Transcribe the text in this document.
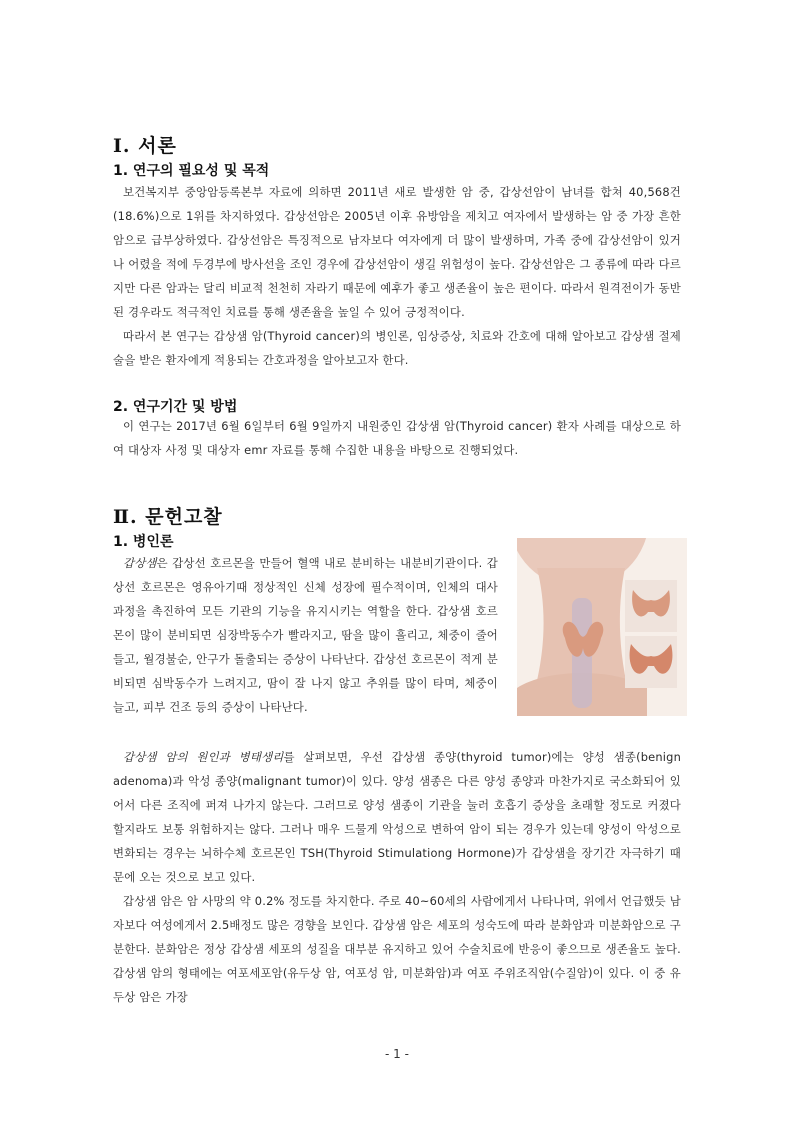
Ⅰ. 서론
1. 연구의 필요성 및 목적
보건복지부 중앙암등록본부 자료에 의하면 2011년 새로 발생한 암 중, 갑상선암이 남녀를 합쳐 40,568건(18.6%)으로 1위를 차지하였다. 갑상선암은 2005년 이후 유방암을 제치고 여자에서 발생하는 암 중 가장 흔한 암으로 급부상하였다. 갑상선암은 특징적으로 남자보다 여자에게 더 많이 발생하며, 가족 중에 갑상선암이 있거나 어렸을 적에 두경부에 방사선을 조인 경우에 갑상선암이 생길 위험성이 높다. 갑상선암은 그 종류에 따라 다르지만 다른 암과는 달리 비교적 천천히 자라기 때문에 예후가 좋고 생존율이 높은 편이다. 따라서 원격전이가 동반된 경우라도 적극적인 치료를 통해 생존율을 높일 수 있어 긍정적이다.
따라서 본 연구는 갑상샘 암(Thyroid cancer)의 병인론, 임상증상, 치료와 간호에 대해 알아보고 갑상샘 절제술을 받은 환자에게 적용되는 간호과정을 알아보고자 한다.
2. 연구기간 및 방법
이 연구는 2017년 6월 6일부터 6월 9일까지 내원중인 갑상샘 암(Thyroid cancer) 환자 사례를 대상으로 하여 대상자 사정 및 대상자 emr 자료를 통해 수집한 내용을 바탕으로 진행되었다.
Ⅱ. 문헌고찰
1. 병인론
갑상샘은 갑상선 호르몬을 만들어 혈액 내로 분비하는 내분비기관이다. 갑상선 호르몬은 영유아기때 정상적인 신체 성장에 필수적이며, 인체의 대사 과정을 촉진하여 모든 기관의 기능을 유지시키는 역할을 한다. 갑상샘 호르몬이 많이 분비되면 심장박동수가 빨라지고, 땀을 많이 흘리고, 체중이 줄어들고, 월경불순, 안구가 돌출되는 증상이 나타난다. 갑상선 호르몬이 적게 분비되면 심박동수가 느려지고, 땀이 잘 나지 않고 추위를 많이 타며, 체중이 늘고, 피부 건조 등의 증상이 나타난다.
갑상샘 암의 원인과 병태생리를 살펴보면, 우선 갑상샘 종양(thyroid tumor)에는 양성 샘종(benign adenoma)과 악성 종양(malignant tumor)이 있다. 양성 샘종은 다른 양성 종양과 마찬가지로 국소화되어 있어서 다른 조직에 퍼져 나가지 않는다. 그러므로 양성 샘종이 기관을 눌러 호흡기 증상을 초래할 정도로 커졌다 할지라도 보통 위험하지는 않다. 그러나 매우 드물게 악성으로 변하여 암이 되는 경우가 있는데 양성이 악성으로 변화되는 경우는 뇌하수체 호르몬인 TSH(Thyroid Stimulationg Hormone)가 갑상샘을 장기간 자극하기 때문에 오는 것으로 보고 있다.
갑상샘 암은 암 사망의 약 0.2% 정도를 차지한다. 주로 40~60세의 사람에게서 나타나며, 위에서 언급했듯 남자보다 여성에게서 2.5배정도 많은 경향을 보인다. 갑상샘 암은 세포의 성숙도에 따라 분화암과 미분화암으로 구분한다. 분화암은 정상 갑상샘 세포의 성질을 대부분 유지하고 있어 수술치료에 반응이 좋으므로 생존율도 높다. 갑상샘 암의 형태에는 여포세포암(유두상 암, 여포성 암, 미분화암)과 여포 주위조직암(수질암)이 있다. 이 중 유두상 암은 가장
- 1 -
